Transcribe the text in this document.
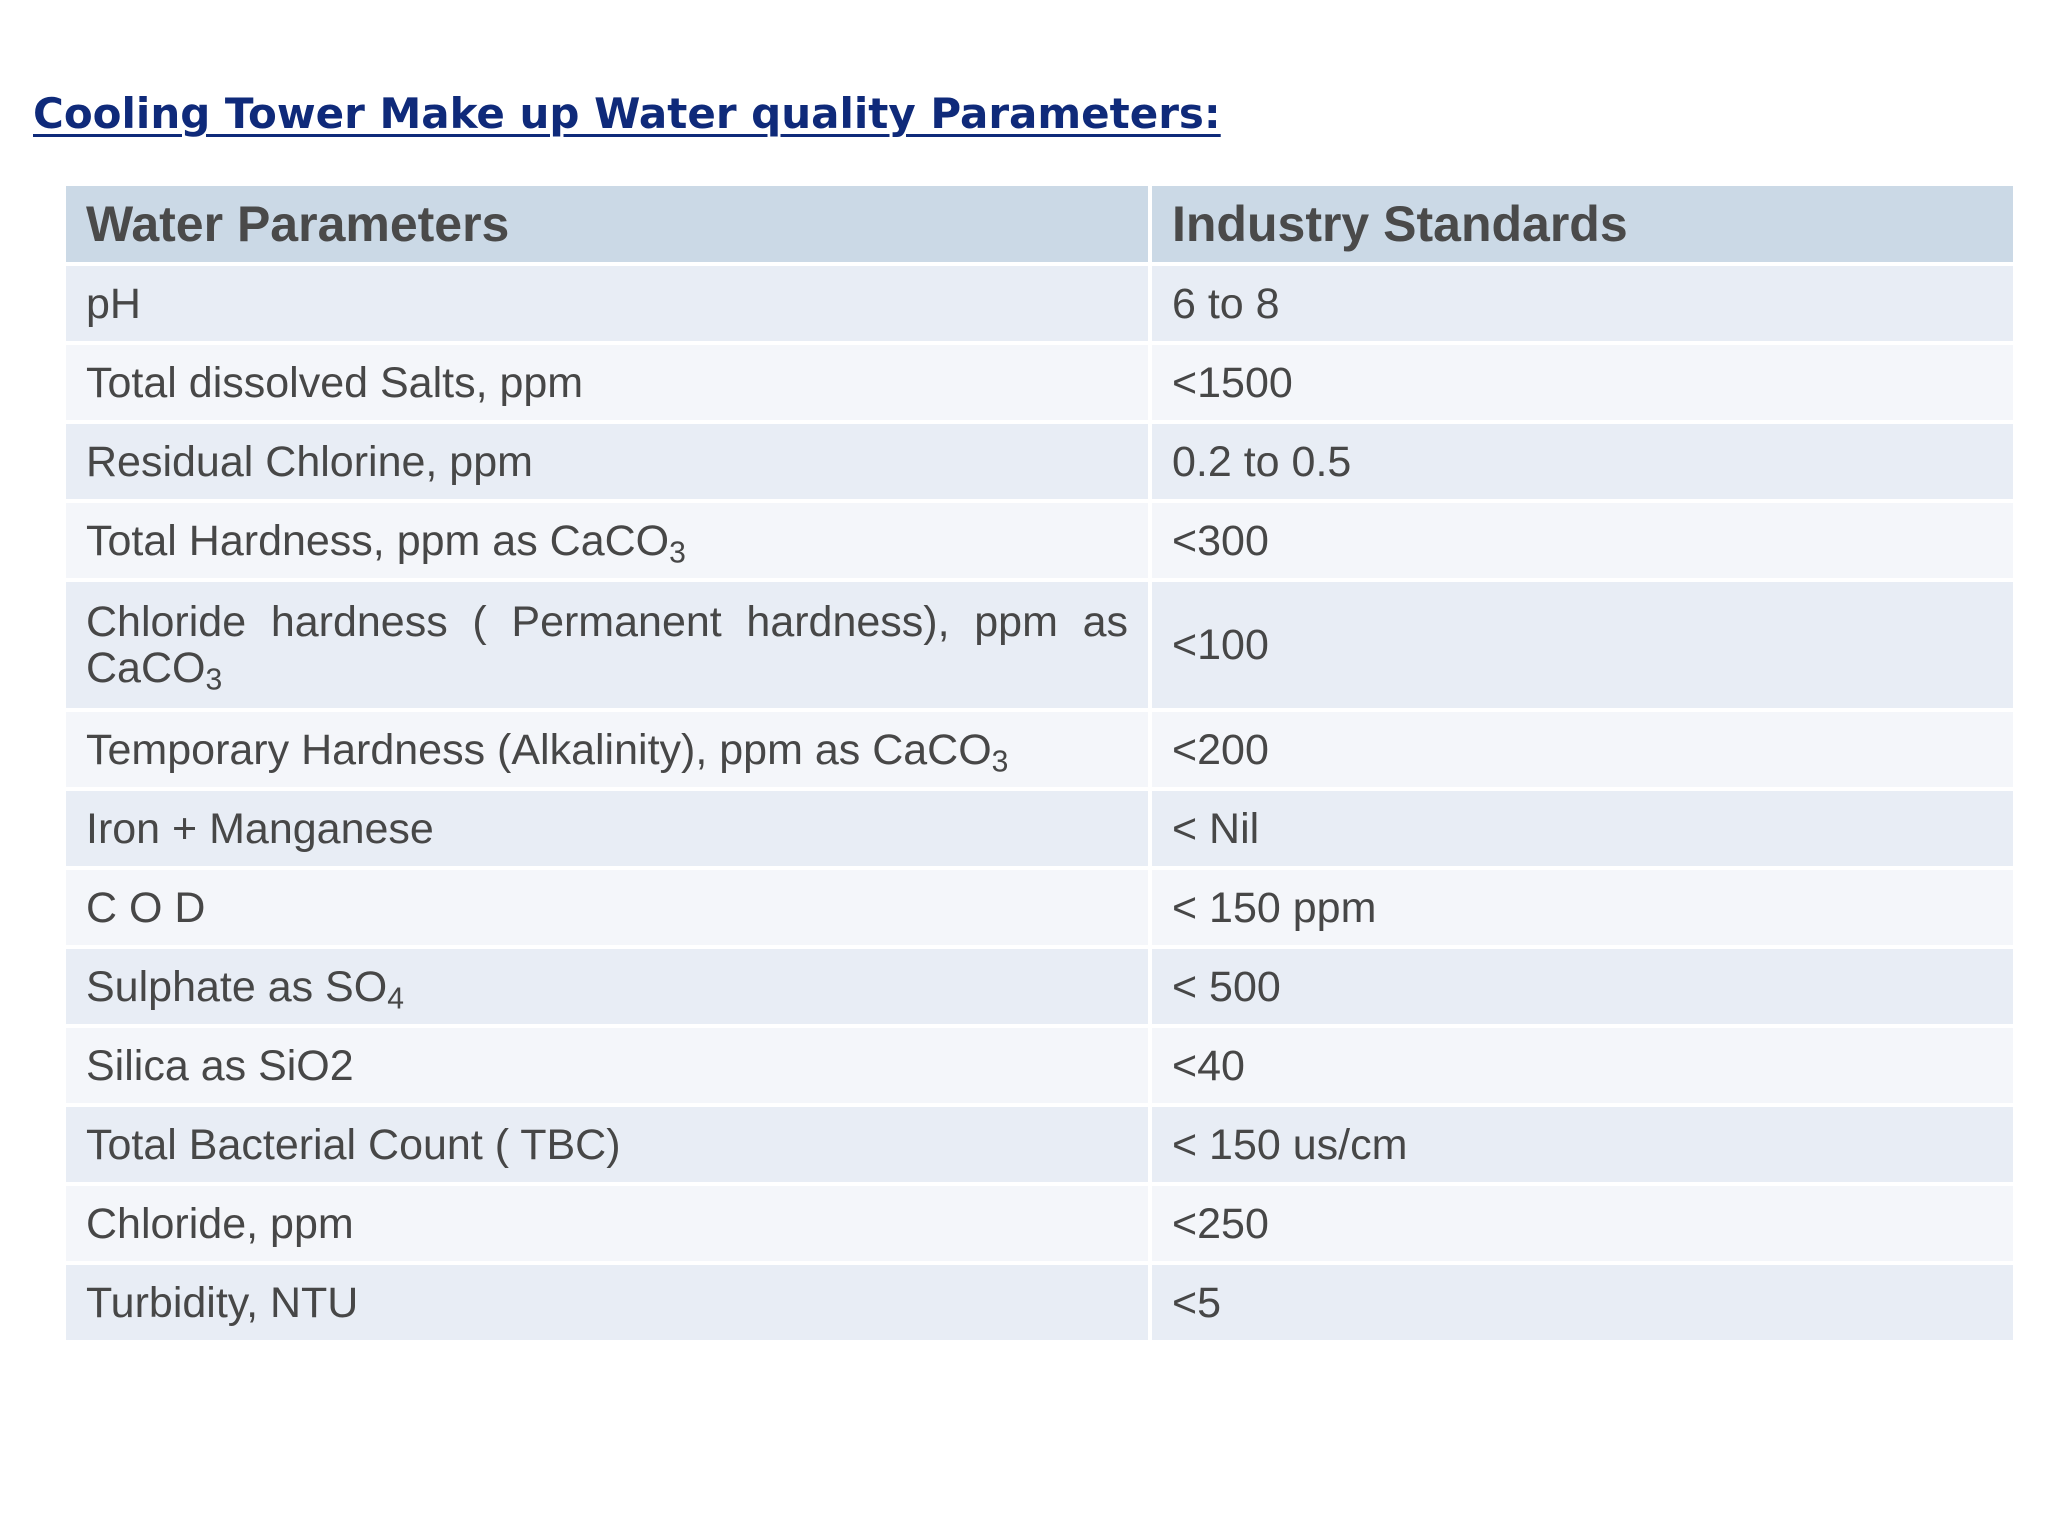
Cooling Tower Make up Water quality Parameters:
Water Parameters	Industry Standards
pH	6 to 8
Total dissolved Salts, ppm	<1500
Residual Chlorine, ppm	0.2 to 0.5
Total Hardness, ppm as CaCO$_3$	<300
Chloride hardness ( Permanent hardness), ppm as CaCO$_3$	<100
Temporary Hardness (Alkalinity), ppm as CaCO$_3$	<200
Iron + Manganese	< Nil
C O D	< 150 ppm
Sulphate as $SO_4$	< 500
Silica as SiO2	<40
Total Bacterial Count ( TBC)	< 150 us/cm
Chloride, ppm	<250
Turbidity, NTU	<5
